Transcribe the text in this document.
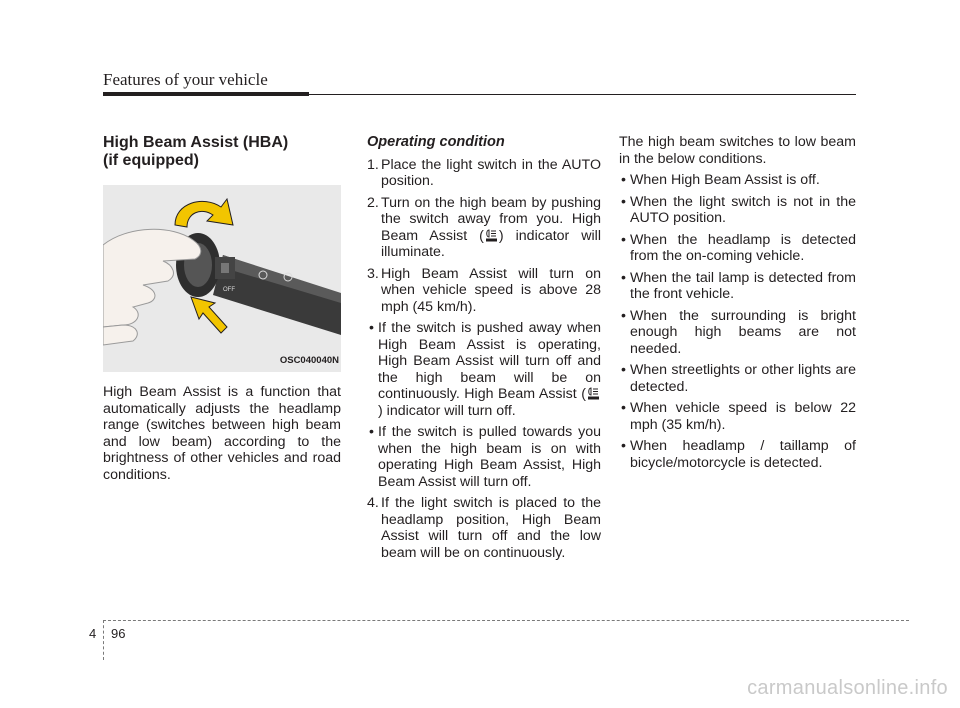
Features of your vehicle

High Beam Assist (HBA)
(if equipped)

OFF
OSC040040N

High Beam Assist is a function that automatically adjusts the headlamp range (switches between high beam and low beam) according to the brightness of other vehicles and road conditions.

Operating condition

1. Place the light switch in the AUTO position.

2. Turn on the high beam by pushing the switch away from you. High Beam Assist ( ) indicator will illuminate.

3. High Beam Assist will turn on when vehicle speed is above 28 mph (45 km/h).

• If the switch is pushed away when High Beam Assist is operating, High Beam Assist will turn off and the high beam will be on continuously. High Beam Assist () indicator will turn off.

• If the switch is pulled towards you when the high beam is on with operating High Beam Assist, High Beam Assist will turn off.

4. If the light switch is placed to the headlamp position, High Beam Assist will turn off and the low beam will be on continuously.

The high beam switches to low beam in the below conditions.

• When High Beam Assist is off.

• When the light switch is not in the AUTO position.

• When the headlamp is detected from the on-coming vehicle.

• When the tail lamp is detected from the front vehicle.

• When the surrounding is bright enough high beams are not needed.

• When streetlights or other lights are detected.

• When vehicle speed is below 22 mph (35 km/h).

• When headlamp / taillamp of bicycle/motorcycle is detected.

4 96
carmanualsonline.info
